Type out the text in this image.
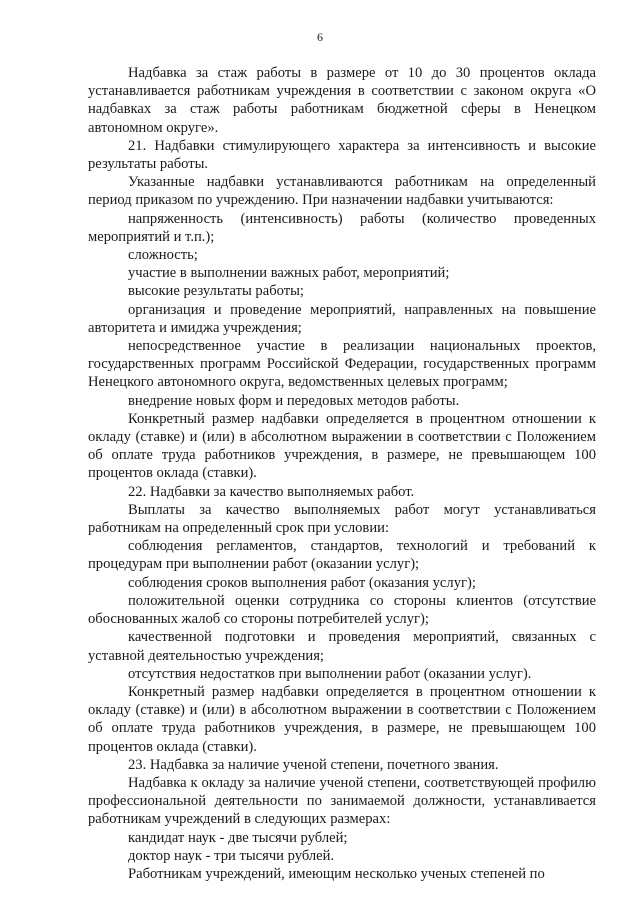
6

Надбавка за стаж работы в размере от 10 до 30 процентов оклада устанавливается работникам учреждения в соответствии с законом округа «О надбавках за стаж работы работникам бюджетной сферы в Ненецком автономном округе».

21. Надбавки стимулирующего характера за интенсивность и высокие результаты работы.

Указанные надбавки устанавливаются работникам на определенный период приказом по учреждению. При назначении надбавки учитываются:

напряженность (интенсивность) работы (количество проведенных мероприятий и т.п.);

сложность;

участие в выполнении важных работ, мероприятий;

высокие результаты работы;

организация и проведение мероприятий, направленных на повышение авторитета и имиджа учреждения;

непосредственное участие в реализации национальных проектов, государственных программ Российской Федерации, государственных программ Ненецкого автономного округа, ведомственных целевых программ;

внедрение новых форм и передовых методов работы.

Конкретный размер надбавки определяется в процентном отношении к окладу (ставке) и (или) в абсолютном выражении в соответствии с Положением об оплате труда работников учреждения, в размере, не превышающем 100 процентов оклада (ставки).

22. Надбавки за качество выполняемых работ.

Выплаты за качество выполняемых работ могут устанавливаться работникам на определенный срок при условии:

соблюдения регламентов, стандартов, технологий и требований к процедурам при выполнении работ (оказании услуг);

соблюдения сроков выполнения работ (оказания услуг);

положительной оценки сотрудника со стороны клиентов (отсутствие обоснованных жалоб со стороны потребителей услуг);

качественной подготовки и проведения мероприятий, связанных с уставной деятельностью учреждения;

отсутствия недостатков при выполнении работ (оказании услуг).

Конкретный размер надбавки определяется в процентном отношении к окладу (ставке) и (или) в абсолютном выражении в соответствии с Положением об оплате труда работников учреждения, в размере, не превышающем 100 процентов оклада (ставки).

23. Надбавка за наличие ученой степени, почетного звания.

Надбавка к окладу за наличие ученой степени, соответствующей профилю профессиональной деятельности по занимаемой должности, устанавливается работникам учреждений в следующих размерах:

кандидат наук - две тысячи рублей;

доктор наук - три тысячи рублей.

Работникам учреждений, имеющим несколько ученых степеней по
